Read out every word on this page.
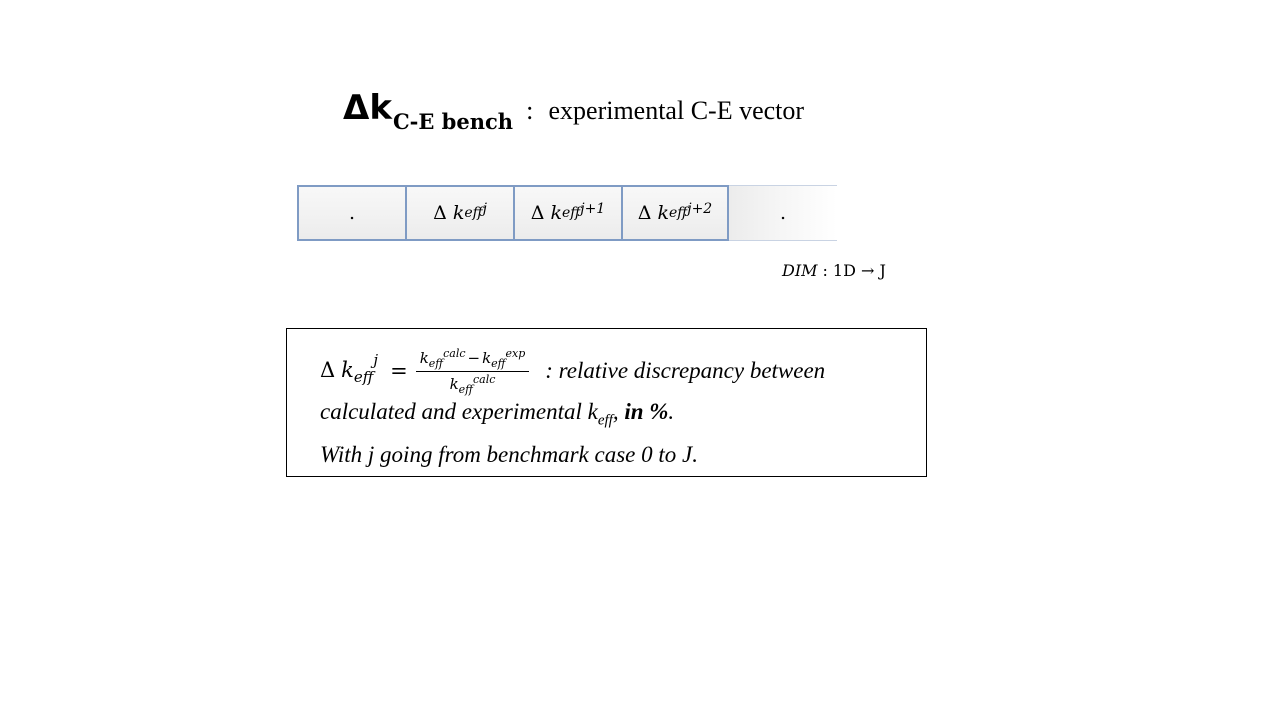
ΔkC-E bench : experimental C-E vector
.	Δ k eff$^j$ Δ k eff$^{j+1}$ Δ k eff$^{j+2}$	.
DIM : 1D → J
Δ $k_{eff}^j = \frac{k_{eff}^{calc} - k_{eff}^{exp}}{k_{eff}^{calc}}$ : relative discrepancy between
calculated and experimental $k_{eff}$, in %.
With j going from benchmark case 0 to J.
